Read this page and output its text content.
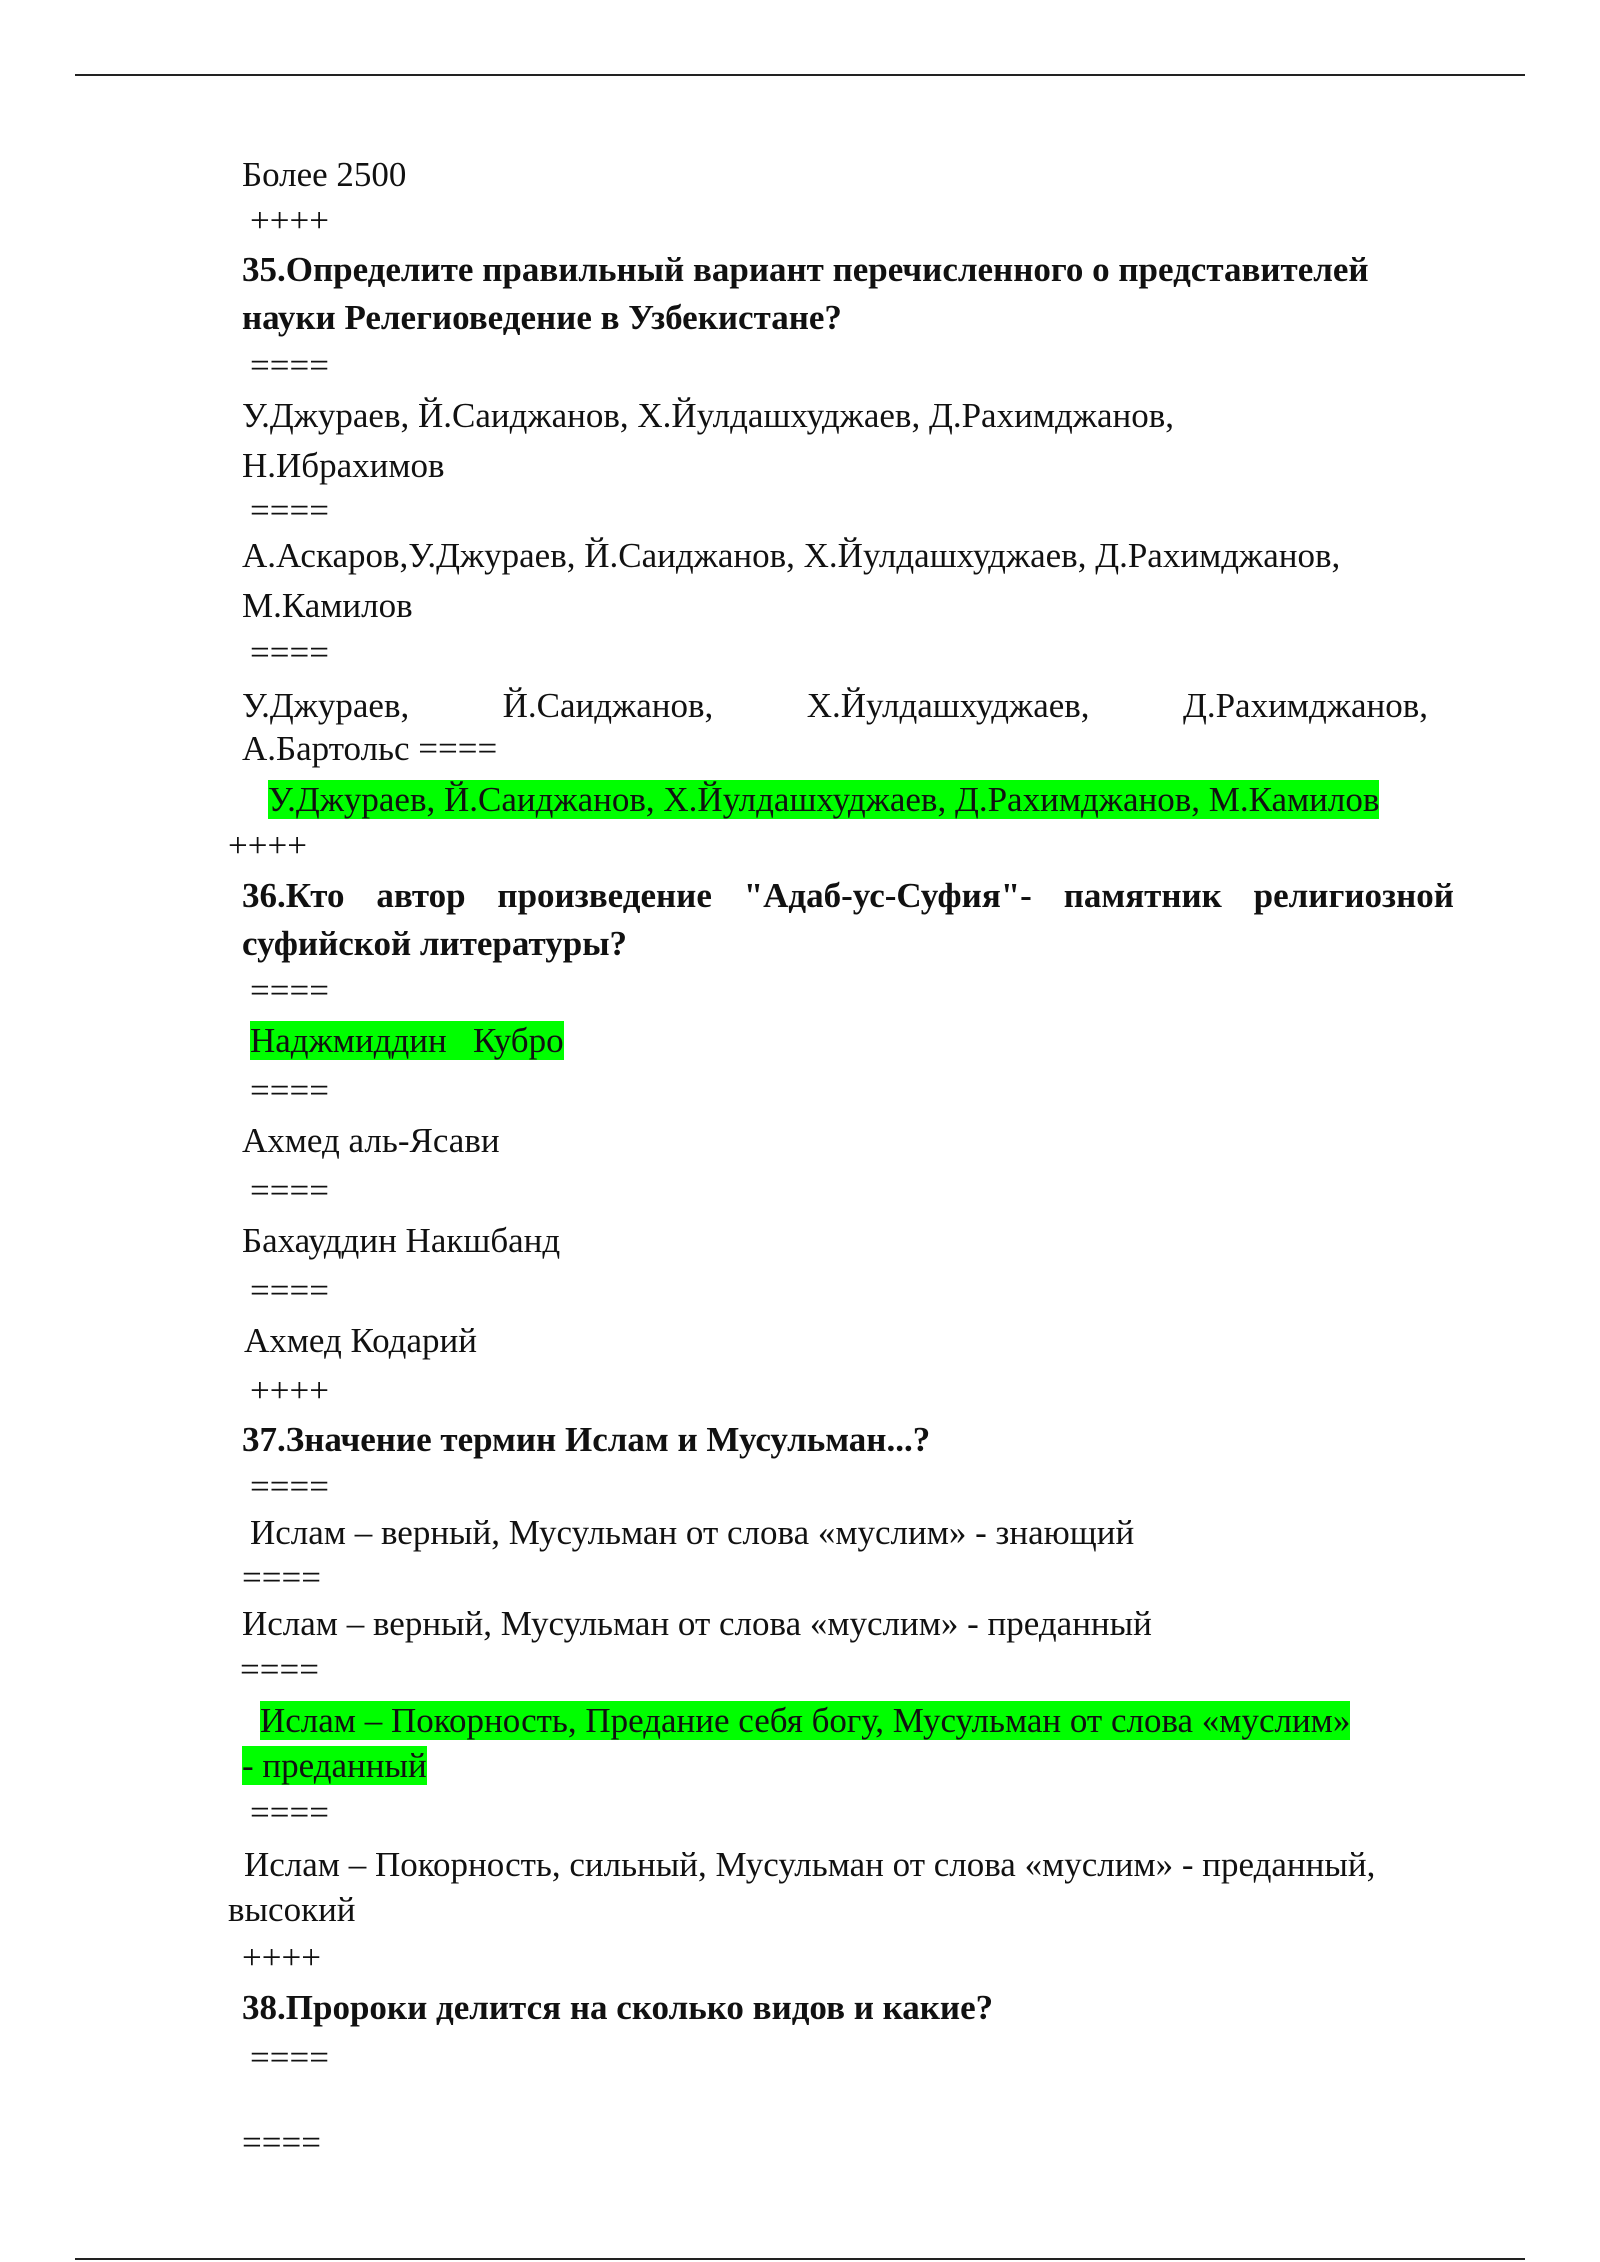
Более 2500
++++
35.Определите правильный вариант перечисленного о представителей
науки Релегиоведение в Узбекистане?
====
У.Джураев, Й.Саиджанов, Х.Йулдашхуджаев, Д.Рахимджанов,
Н.Ибрахимов
====
А.Аскаров,У.Джураев, Й.Саиджанов, Х.Йулдашхуджаев, Д.Рахимджанов,
М.Камилов
====
У.Джураев,	Й.Саиджанов,	Х.Йулдашхуджаев,	Д.Рахимджанов,
А.Бартольс ====
У.Джураев, Й.Саиджанов, Х.Йулдашхуджаев, Д.Рахимджанов, М.Камилов
++++
36.Кто автор произведение "Адаб-ус-Суфия"- памятник религиозной
суфийской литературы?
====
Наджмиддин   Кубро
====
Ахмед аль-Ясави
====
Бахауддин Накшбанд
====
Ахмед Кодарий
++++
37.Значение термин Ислам и Мусульман...?
====
Ислам – верный, Мусульман от слова «муслим» - знающий
====
Ислам – верный, Мусульман от слова «муслим» - преданный
====
Ислам – Покорность, Предание себя богу, Мусульман от слова «муслим»
- преданный
====
Ислам – Покорность, сильный, Мусульман от слова «муслим» - преданный,
высокий
++++
38.Пророки делится на сколько видов и какие?
====
====
